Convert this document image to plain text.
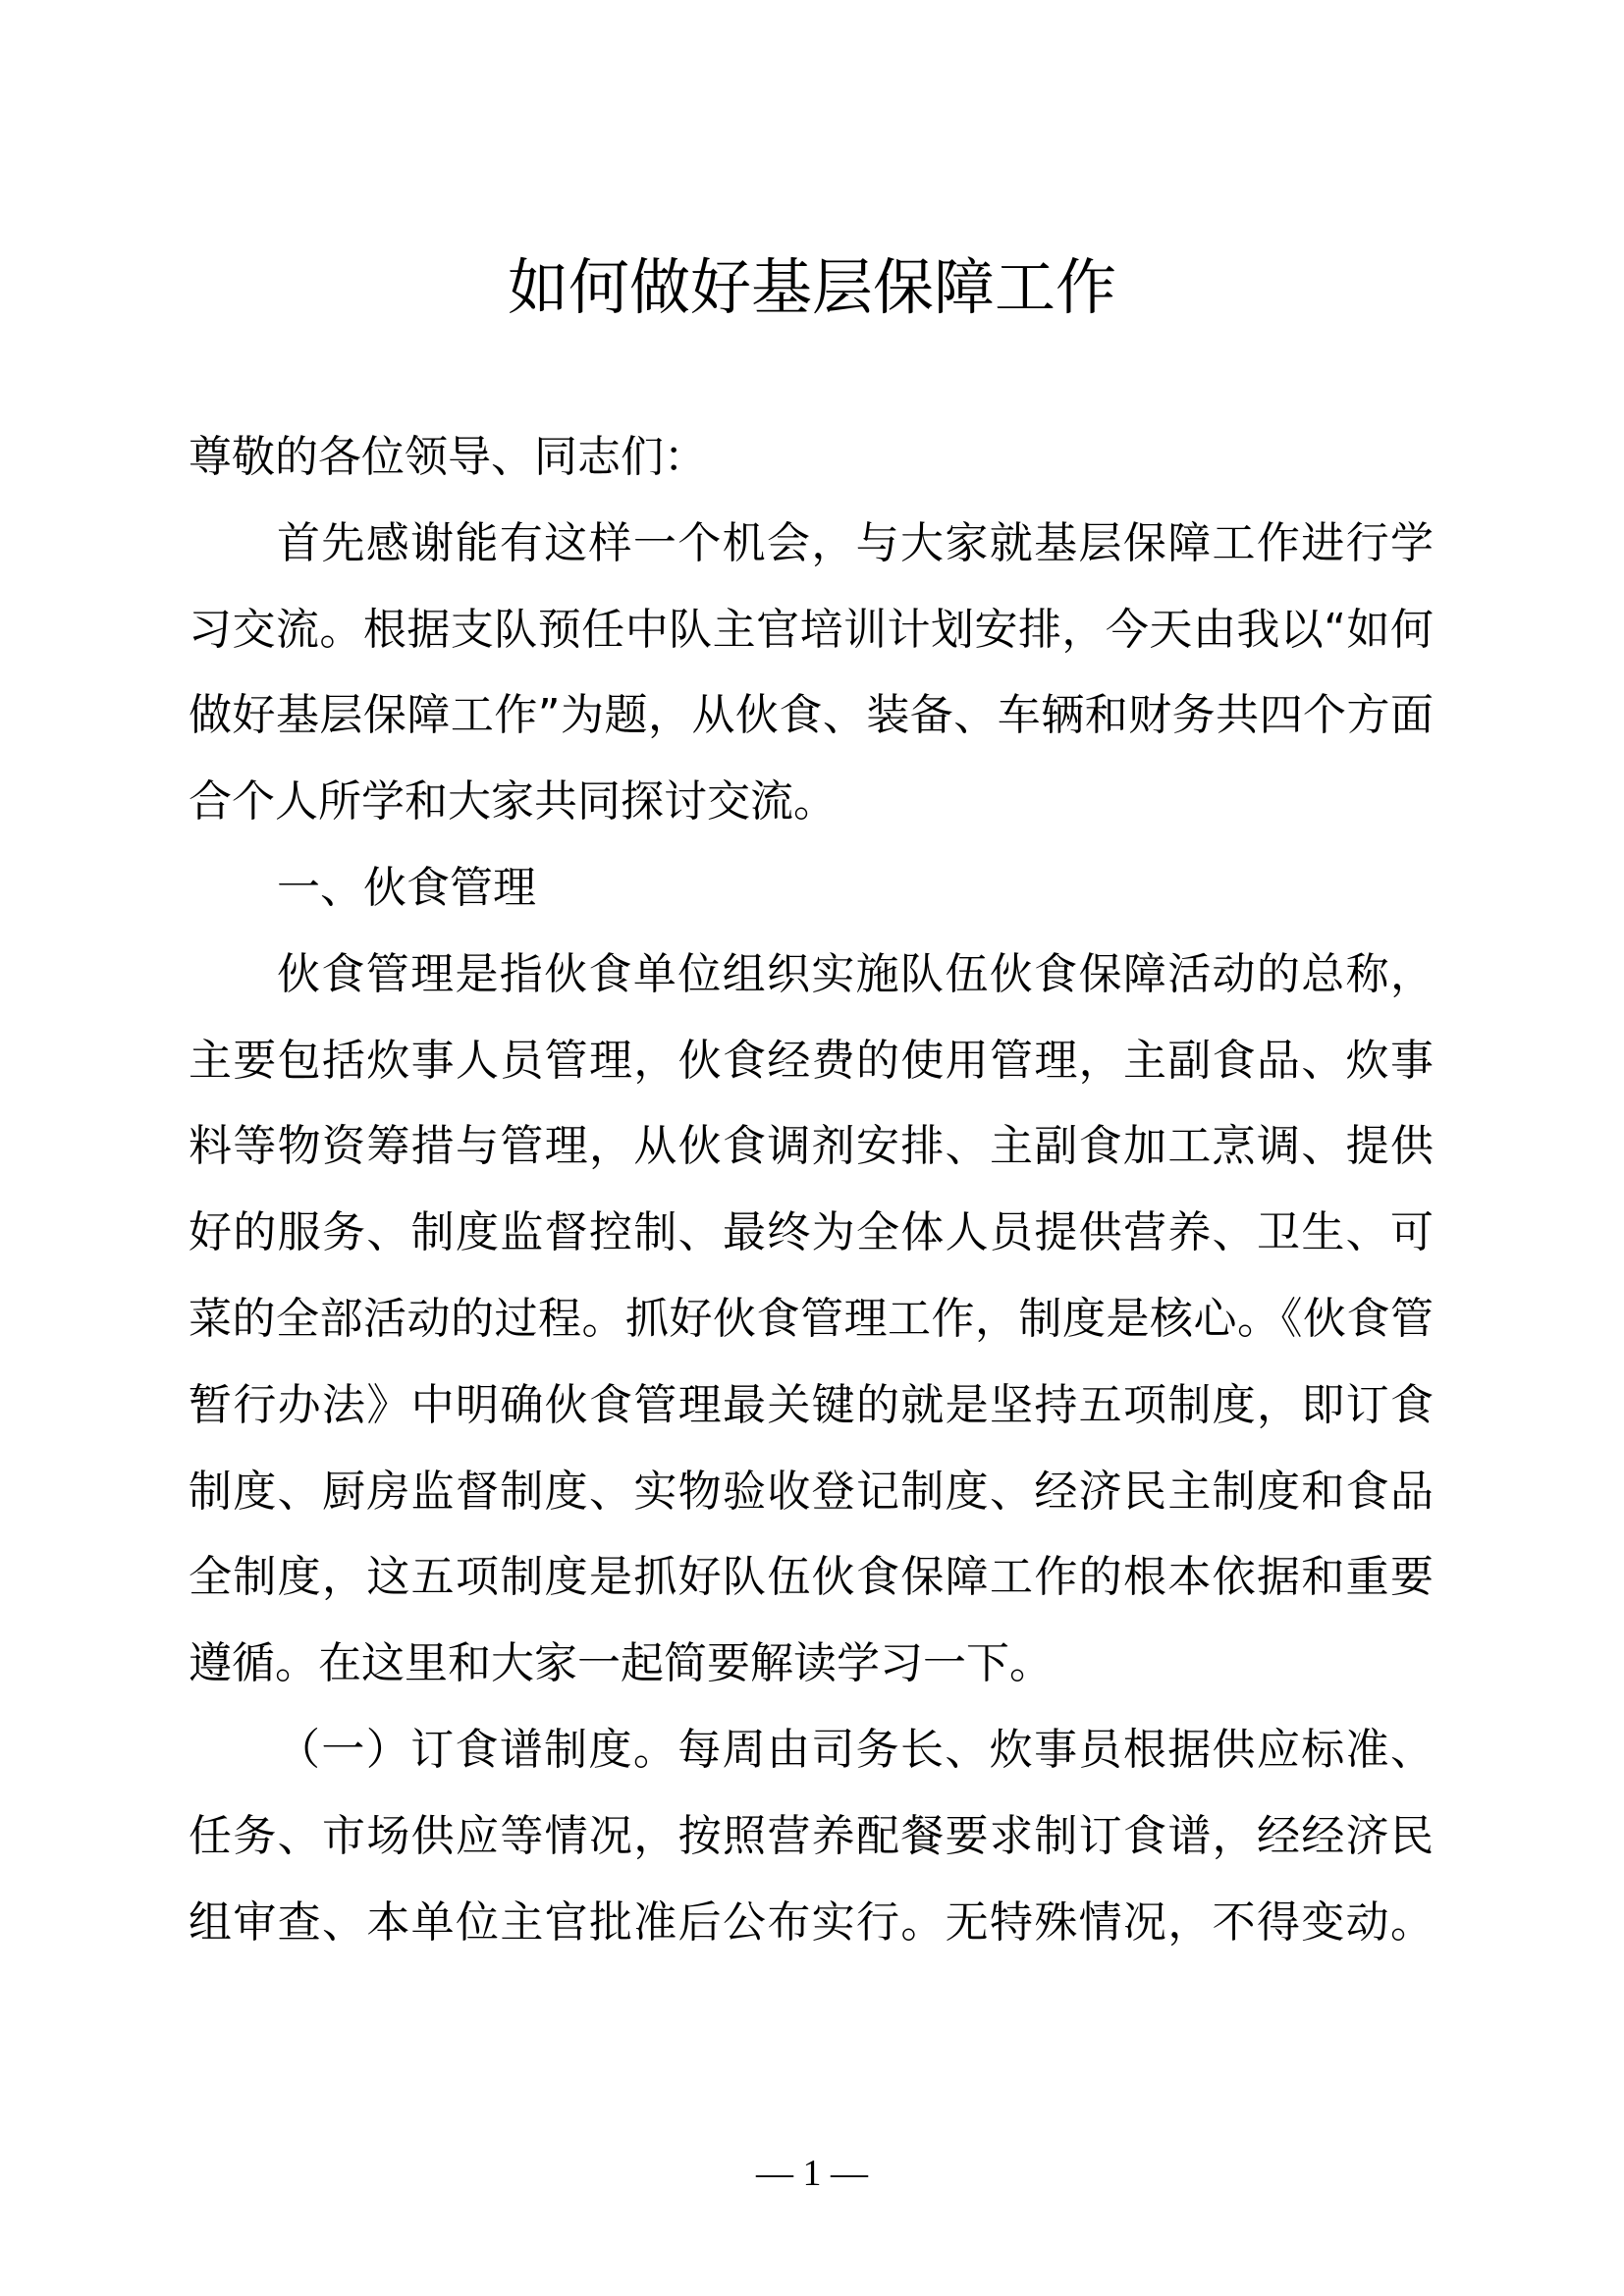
如何做好基层保障工作
尊敬的各位领导、同志们：
首先感谢能有这样一个机会，与大家就基层保障工作进行学
习交流。根据支队预任中队主官培训计划安排，今天由我以“如何
做好基层保障工作”为题，从伙食、装备、车辆和财务共四个方面
合个人所学和大家共同探讨交流。
一、伙食管理
伙食管理是指伙食单位组织实施队伍伙食保障活动的总称，
主要包括炊事人员管理，伙食经费的使用管理，主副食品、炊事
料等物资筹措与管理，从伙食调剂安排、主副食加工烹调、提供
好的服务、制度监督控制、最终为全体人员提供营养、卫生、可
菜的全部活动的过程。抓好伙食管理工作，制度是核心。《伙食管
暂行办法》中明确伙食管理最关键的就是坚持五项制度，即订食
制度、厨房监督制度、实物验收登记制度、经济民主制度和食品
全制度，这五项制度是抓好队伍伙食保障工作的根本依据和重要
遵循。在这里和大家一起简要解读学习一下。
（一）订食谱制度。每周由司务长、炊事员根据供应标准、
任务、市场供应等情况，按照营养配餐要求制订食谱，经经济民
组审查、本单位主官批准后公布实行。无特殊情况，不得变动。
— 1 —
